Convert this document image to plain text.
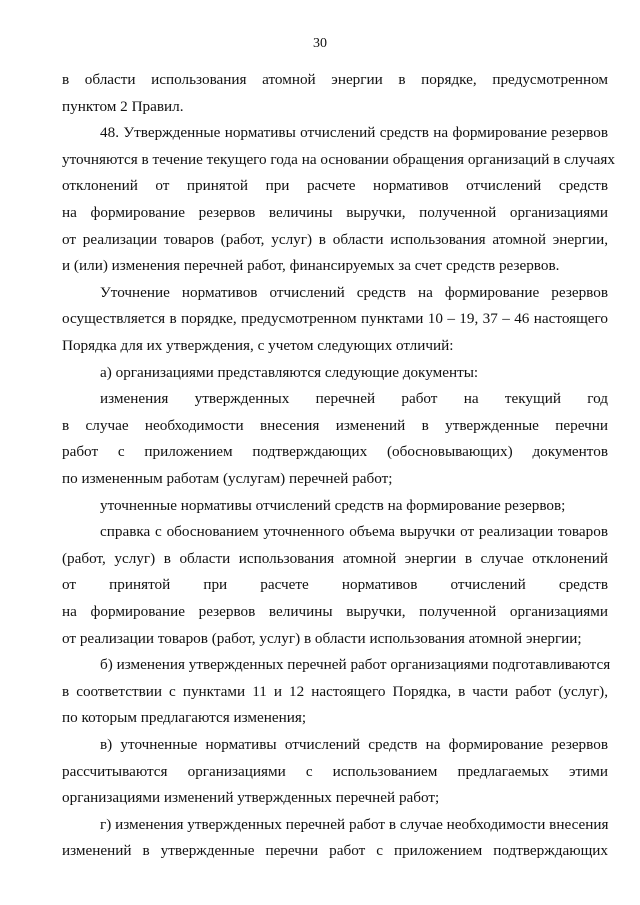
30
в области использования атомной энергии в порядке, предусмотренном
пунктом 2 Правил.
48. Утвержденные нормативы отчислений средств на формирование резервов
уточняются в течение текущего года на основании обращения организаций в случаях
отклонений от принятой при расчете нормативов отчислений средств
на формирование резервов величины выручки, полученной организациями
от реализации товаров (работ, услуг) в области использования атомной энергии,
и (или) изменения перечней работ, финансируемых за счет средств резервов.
Уточнение нормативов отчислений средств на формирование резервов
осуществляется в порядке, предусмотренном пунктами 10 – 19, 37 – 46 настоящего
Порядка для их утверждения, с учетом следующих отличий:
а) организациями представляются следующие документы:
изменения утвержденных перечней работ на текущий год
в случае необходимости внесения изменений в утвержденные перечни
работ с приложением подтверждающих (обосновывающих) документов
по измененным работам (услугам) перечней работ;
уточненные нормативы отчислений средств на формирование резервов;
справка с обоснованием уточненного объема выручки от реализации товаров
(работ, услуг) в области использования атомной энергии в случае отклонений
от принятой при расчете нормативов отчислений средств
на формирование резервов величины выручки, полученной организациями
от реализации товаров (работ, услуг) в области использования атомной энергии;
б) изменения утвержденных перечней работ организациями подготавливаются
в соответствии с пунктами 11 и 12 настоящего Порядка, в части работ (услуг),
по которым предлагаются изменения;
в) уточненные нормативы отчислений средств на формирование резервов
рассчитываются организациями с использованием предлагаемых этими
организациями изменений утвержденных перечней работ;
г) изменения утвержденных перечней работ в случае необходимости внесения
изменений в утвержденные перечни работ с приложением подтверждающих
